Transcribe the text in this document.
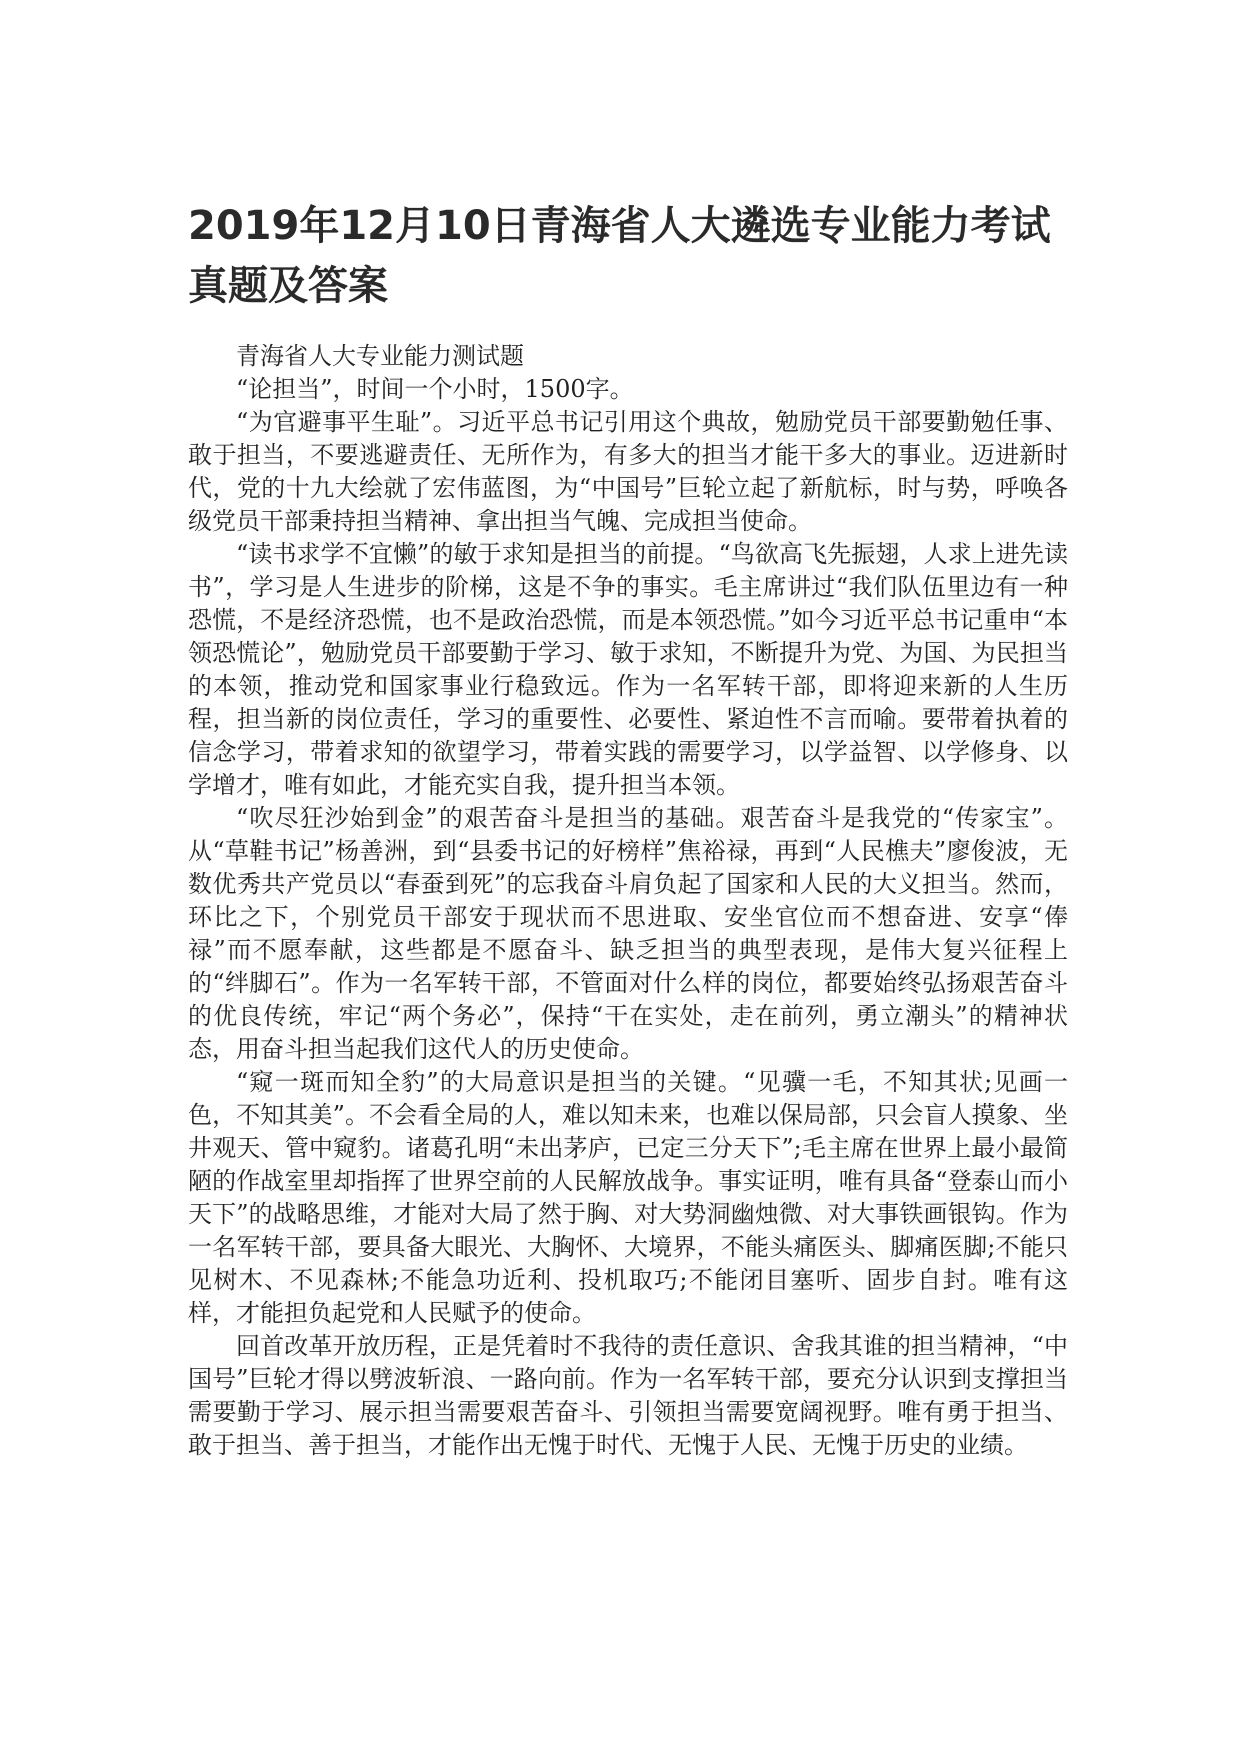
2019年12月10日青海省人大遴选专业能力考试真题及答案

青海省人大专业能力测试题

“论担当”，时间一个小时，1500字。

“为官避事平生耻”。习近平总书记引用这个典故，勉励党员干部要勤勉任事、敢于担当，不要逃避责任、无所作为，有多大的担当才能干多大的事业。迈进新时代，党的十九大绘就了宏伟蓝图，为“中国号”巨轮立起了新航标，时与势，呼唤各级党员干部秉持担当精神、拿出担当气魄、完成担当使命。

“读书求学不宜懒”的敏于求知是担当的前提。“鸟欲高飞先振翅，人求上进先读书”，学习是人生进步的阶梯，这是不争的事实。毛主席讲过“我们队伍里边有一种恐慌，不是经济恐慌，也不是政治恐慌，而是本领恐慌。”如今习近平总书记重申“本领恐慌论”，勉励党员干部要勤于学习、敏于求知，不断提升为党、为国、为民担当的本领，推动党和国家事业行稳致远。作为一名军转干部，即将迎来新的人生历程，担当新的岗位责任，学习的重要性、必要性、紧迫性不言而喻。要带着执着的信念学习，带着求知的欲望学习，带着实践的需要学习，以学益智、以学修身、以学增才，唯有如此，才能充实自我，提升担当本领。

“吹尽狂沙始到金”的艰苦奋斗是担当的基础。艰苦奋斗是我党的“传家宝”。从“草鞋书记”杨善洲，到“县委书记的好榜样”焦裕禄，再到“人民樵夫”廖俊波，无数优秀共产党员以“春蚕到死”的忘我奋斗肩负起了国家和人民的大义担当。然而，环比之下，个别党员干部安于现状而不思进取、安坐官位而不想奋进、安享“俸禄”而不愿奉献，这些都是不愿奋斗、缺乏担当的典型表现，是伟大复兴征程上的“绊脚石”。作为一名军转干部，不管面对什么样的岗位，都要始终弘扬艰苦奋斗的优良传统，牢记“两个务必”，保持“干在实处，走在前列，勇立潮头”的精神状态，用奋斗担当起我们这代人的历史使命。

“窥一斑而知全豹”的大局意识是担当的关键。“见骥一毛，不知其状;见画一色，不知其美”。不会看全局的人，难以知未来，也难以保局部，只会盲人摸象、坐井观天、管中窥豹。诸葛孔明“未出茅庐，已定三分天下”;毛主席在世界上最小最简陋的作战室里却指挥了世界空前的人民解放战争。事实证明，唯有具备“登泰山而小天下”的战略思维，才能对大局了然于胸、对大势洞幽烛微、对大事铁画银钩。作为一名军转干部，要具备大眼光、大胸怀、大境界，不能头痛医头、脚痛医脚;不能只见树木、不见森林;不能急功近利、投机取巧;不能闭目塞听、固步自封。唯有这样，才能担负起党和人民赋予的使命。

回首改革开放历程，正是凭着时不我待的责任意识、舍我其谁的担当精神，“中国号”巨轮才得以劈波斩浪、一路向前。作为一名军转干部，要充分认识到支撑担当需要勤于学习、展示担当需要艰苦奋斗、引领担当需要宽阔视野。唯有勇于担当、敢于担当、善于担当，才能作出无愧于时代、无愧于人民、无愧于历史的业绩。
